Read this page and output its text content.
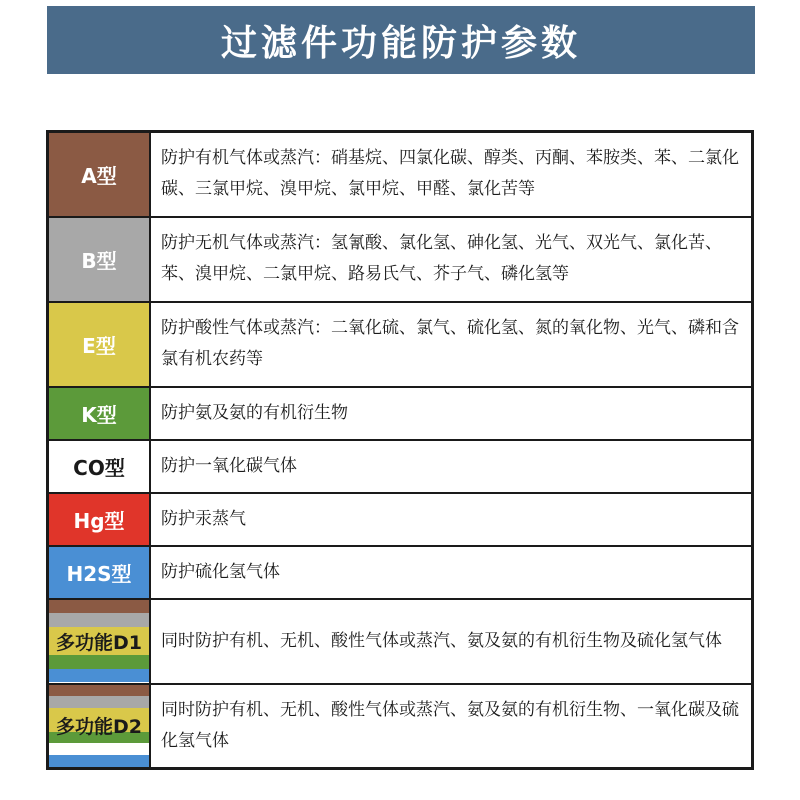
过滤件功能防护参数
A型	防护有机气体或蒸汽：硝基烷、四氯化碳、醇类、丙酮、苯胺类、苯、二氯化碳、三氯甲烷、溴甲烷、氯甲烷、甲醛、氯化苦等
B型	防护无机气体或蒸汽：氢氰酸、氯化氢、砷化氢、光气、双光气、氯化苦、苯、溴甲烷、二氯甲烷、路易氏气、芥子气、磷化氢等
E型	防护酸性气体或蒸汽：二氧化硫、氯气、硫化氢、氮的氧化物、光气、磷和含氯有机农药等
K型	防护氨及氨的有机衍生物
CO型	防护一氧化碳气体
Hg型	防护汞蒸气
H2S型	防护硫化氢气体

多功能D1	同时防护有机、无机、酸性气体或蒸汽、氨及氨的有机衍生物及硫化氢气体

多功能D2	同时防护有机、无机、酸性气体或蒸汽、氨及氨的有机衍生物、一氧化碳及硫化氢气体
